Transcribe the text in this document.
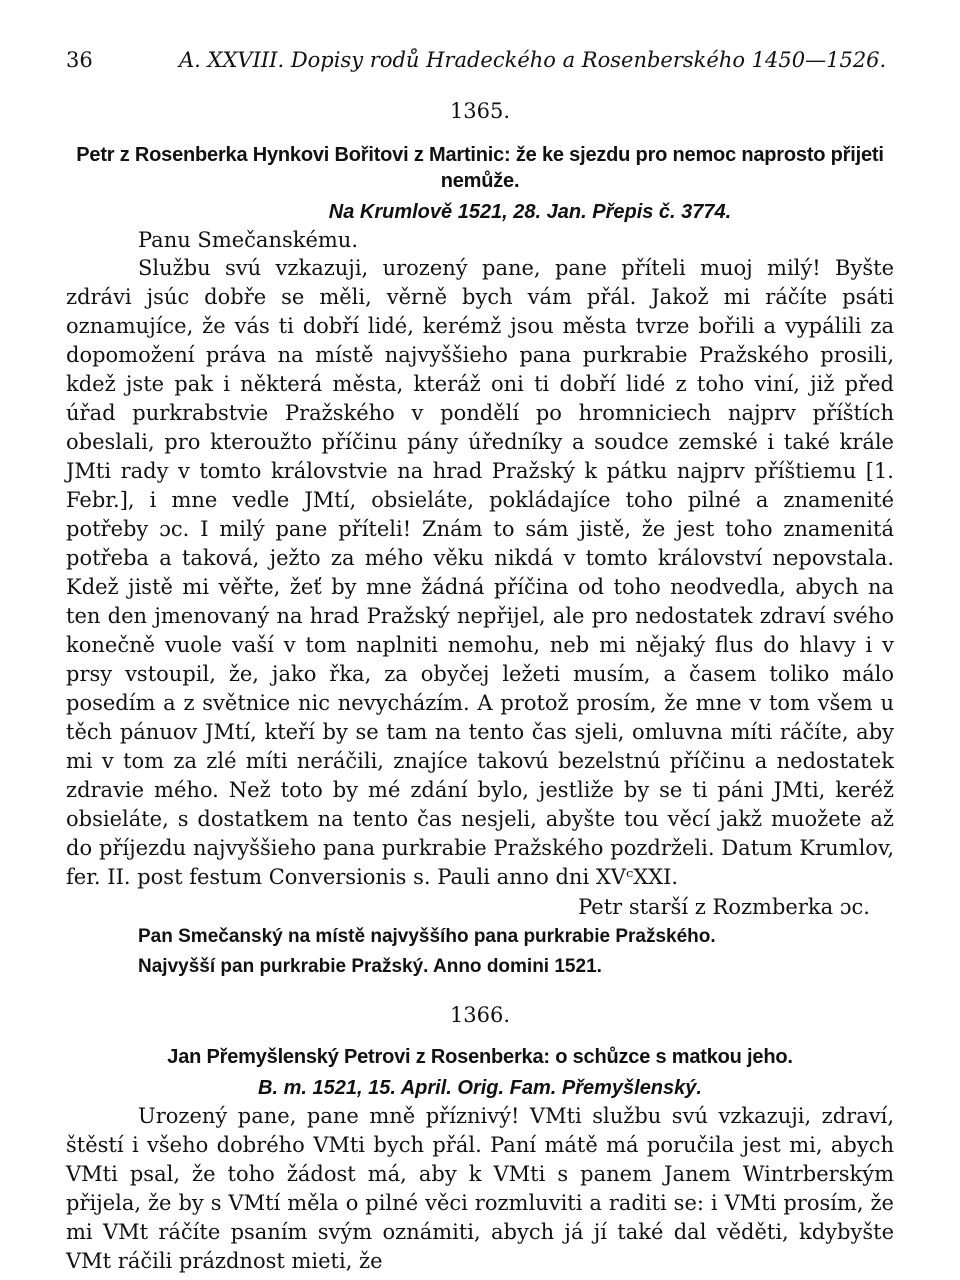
36	A. XXVIII. Dopisy rodů Hradeckého a Rosenberského 1450—1526.
1365.
Petr z Rosenberka Hynkovi Bořitovi z Martinic: že ke sjezdu pro nemoc naprosto přijeti nemůže.
Na Krumlově 1521, 28. Jan. Přepis č. 3774.
Panu Smečanskému.

Službu svú vzkazuji, urozený pane, pane příteli muoj milý! Byšte zdrávi jsúc dobře se měli, věrně bych vám přál. Jakož mi ráčíte psáti oznamujíce, že vás ti dobří lidé, kerémž jsou města tvrze bořili a vypálili za dopomožení práva na místě najvyššieho pana purkrabie Pražského prosili, kdež jste pak i některá města, kteráž oni ti dobří lidé z toho viní, již před úřad purkrabstvie Pražského v pondělí po hromniciech najprv příštích obeslali, pro kteroužto příčinu pány úředníky a soudce zemské i také krále JMti rady v tomto královstvie na hrad Pražský k pátku najprv příštiemu [1. Febr.], i mne vedle JMtí, obsieláte, pokládajíce toho pilné a znamenité potřeby ɔc. I milý pane příteli! Znám to sám jistě, že jest toho znamenitá potřeba a taková, ježto za mého věku nikdá v tomto království nepovstala. Kdež jistě mi věřte, žeť by mne žádná příčina od toho neodvedla, abych na ten den jmenovaný na hrad Pražský nepřijel, ale pro nedostatek zdraví svého konečně vuole vaší v tom naplniti nemohu, neb mi nějaký flus do hlavy i v prsy vstoupil, že, jako řka, za obyčej ležeti musím, a časem toliko málo posedím a z světnice nic nevycházím. A protož prosím, že mne v tom všem u těch pánuov JMtí, kteří by se tam na tento čas sjeli, omluvna míti ráčíte, aby mi v tom za zlé míti neráčili, znajíce takovú bezelstnú příčinu a nedostatek zdravie mého. Než toto by mé zdání bylo, jestliže by se ti páni JMti, keréž obsieláte, s dostatkem na tento čas nesjeli, abyšte tou věcí jakž muožete až do příjezdu najvyššieho pana purkrabie Pražského pozdrželi. Datum Krumlov, fer. II. post festum Conversionis s. Pauli anno dni XVᶜXXI.

Petr starší z Rozmberka ɔc.
Pan Smečanský na místě najvyššího pana purkrabie Pražského.
Najvyšší pan purkrabie Pražský. Anno domini 1521.
1366.
Jan Přemyšlenský Petrovi z Rosenberka: o schůzce s matkou jeho.
B. m. 1521, 15. April. Orig. Fam. Přemyšlenský.

Urozený pane, pane mně příznivý! VMti službu svú vzkazuji, zdraví, štěstí i všeho dobrého VMti bych přál. Paní mátě má poručila jest mi, abych VMti psal, že toho žádost má, aby k VMti s panem Janem Wintrberským přijela, že by s VMtí měla o pilné věci rozmluviti a raditi se: i VMti prosím, že mi VMt ráčíte psaním svým oznámiti, abych já jí také dal věděti, kdybyšte VMt ráčili prázdnost mieti, že
